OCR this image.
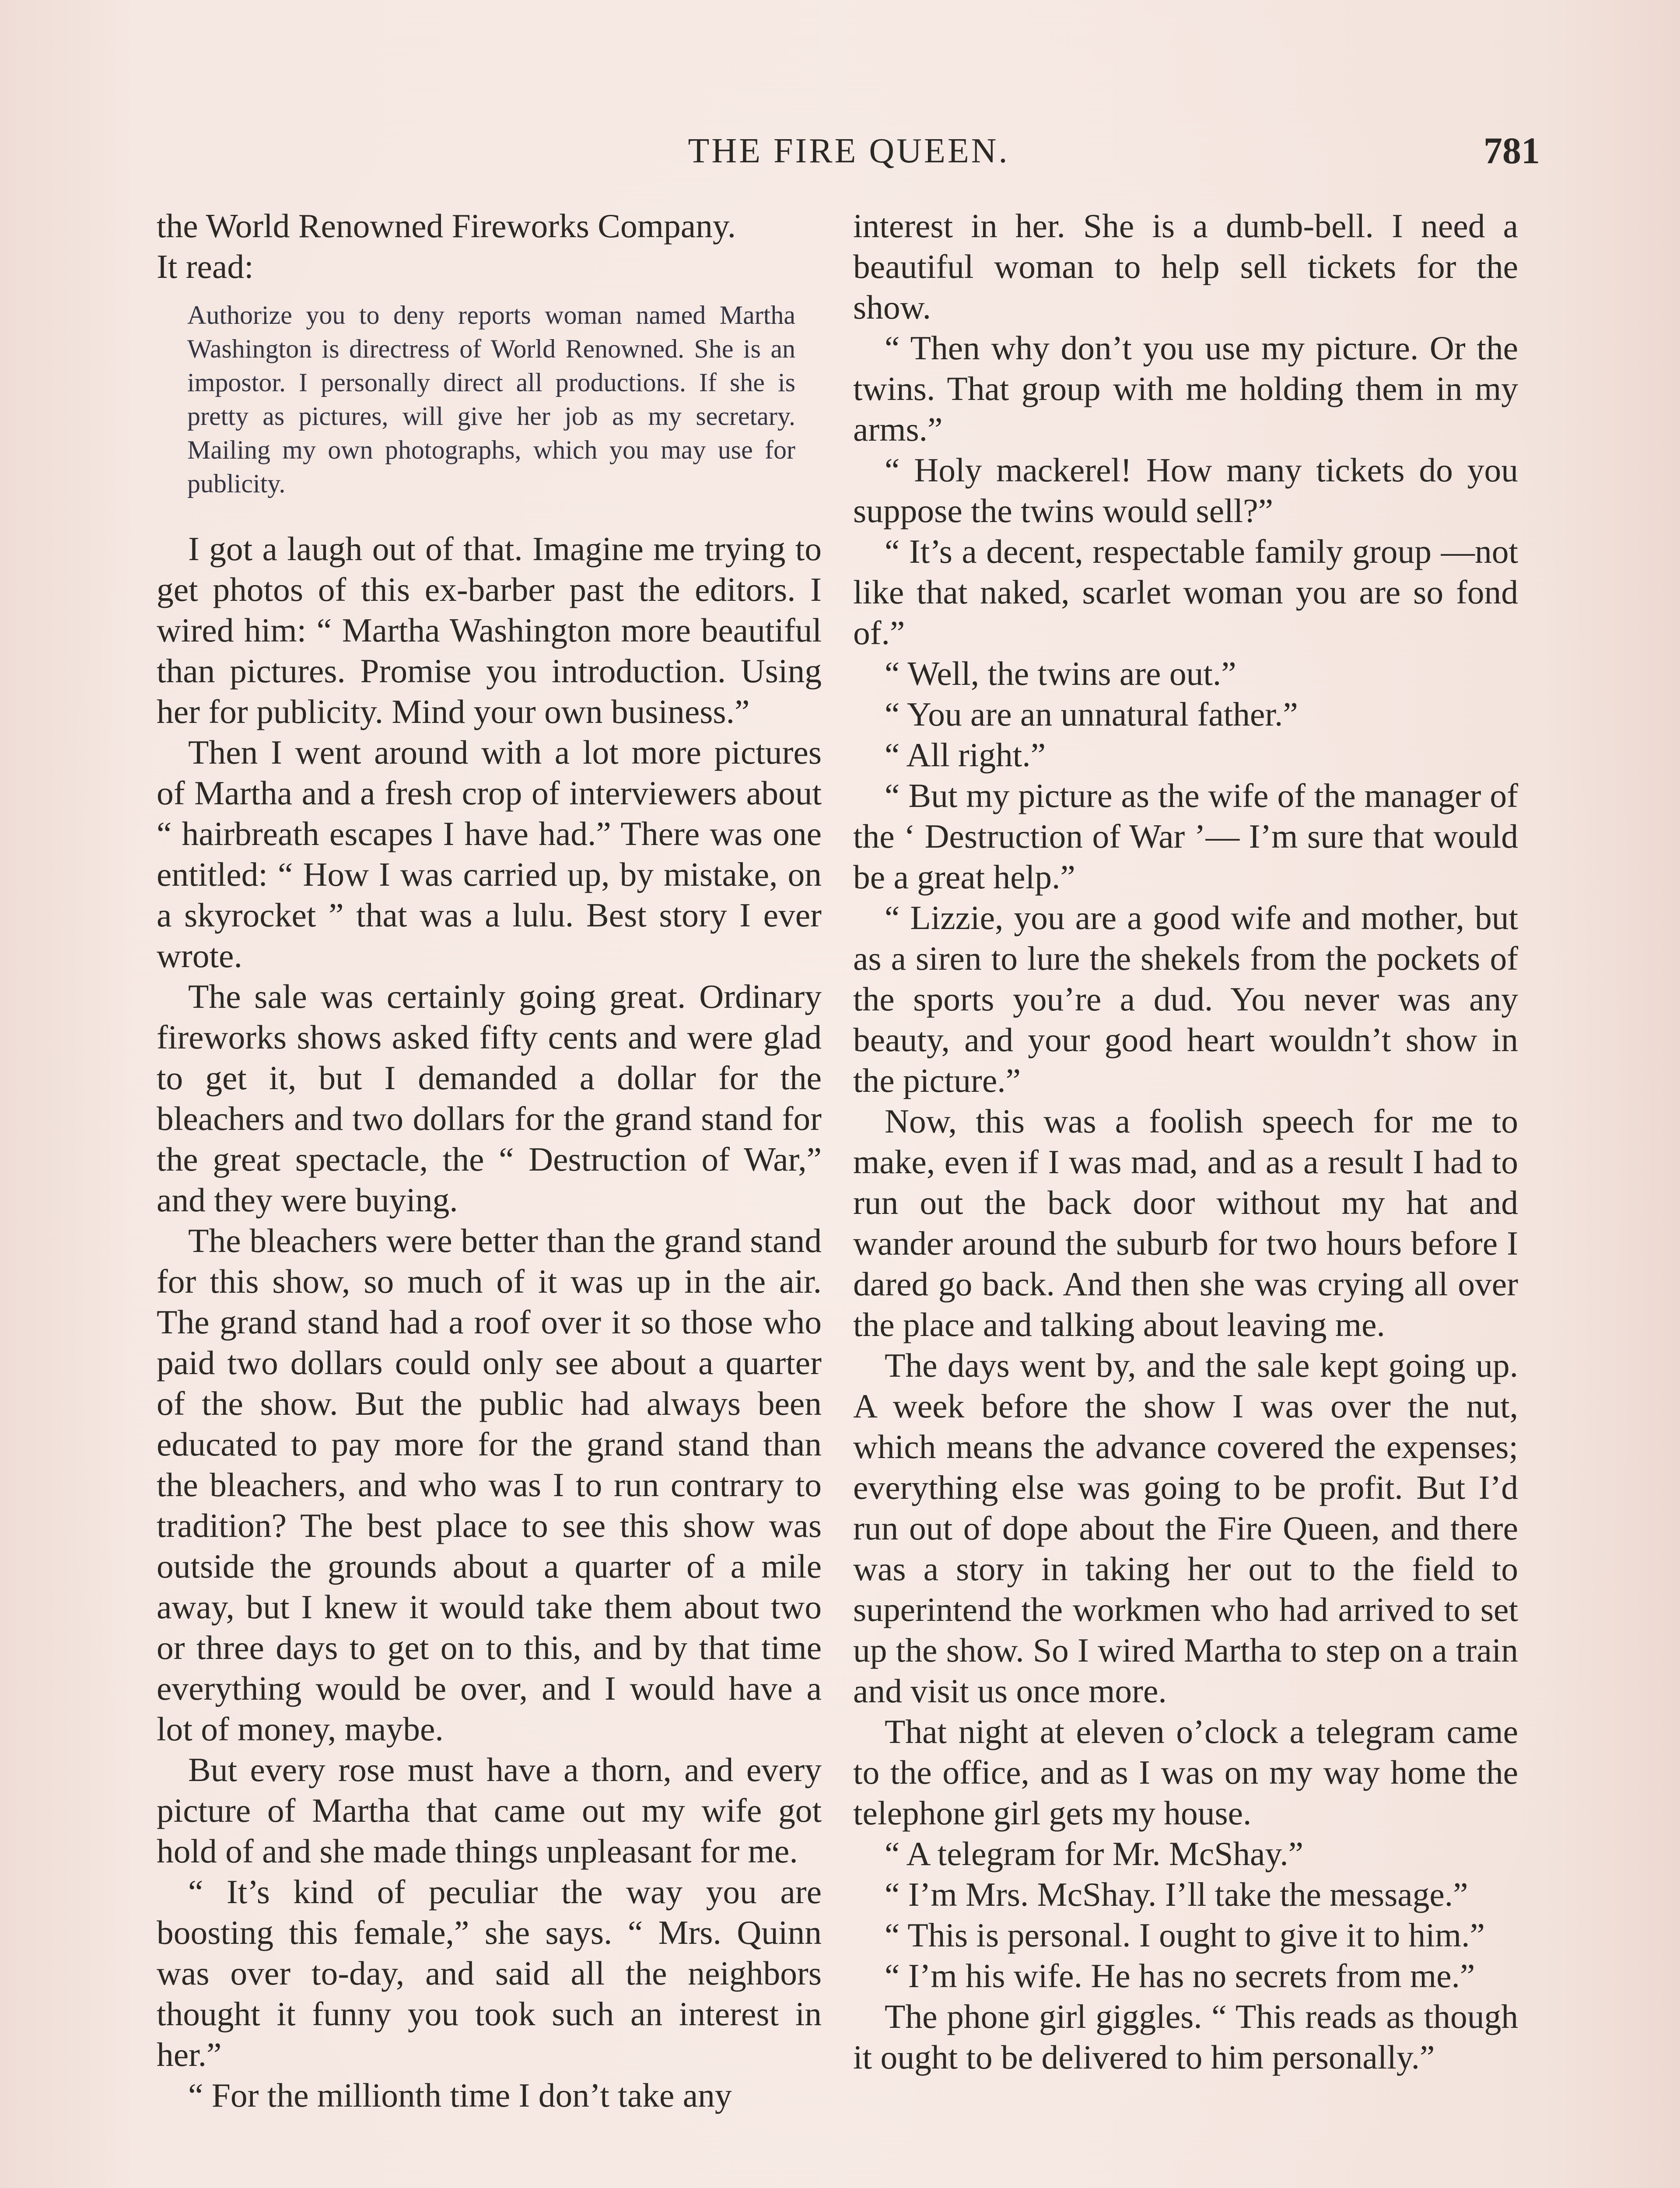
THE FIRE QUEEN.	781

the World Renowned Fireworks Company.

It read:

Authorize you to deny reports woman named Martha Washington is directress of World Renowned. She is an impostor. I personally direct all productions. If she is pretty as pictures, will give her job as my secretary. Mailing my own photographs, which you may use for publicity.

I got a laugh out of that. Imagine me trying to get photos of this ex-barber past the editors. I wired him: “ Martha Washington more beautiful than pictures. Promise you introduction. Using her for publicity. Mind your own business.”

Then I went around with a lot more pictures of Martha and a fresh crop of interviewers about “ hairbreath escapes I have had.” There was one entitled: “ How I was carried up, by mistake, on a skyrocket ” that was a lulu. Best story I ever wrote.

The sale was certainly going great. Ordinary fireworks shows asked fifty cents and were glad to get it, but I demanded a dollar for the bleachers and two dollars for the grand stand for the great spectacle, the “ Destruction of War,” and they were buying.

The bleachers were better than the grand stand for this show, so much of it was up in the air. The grand stand had a roof over it so those who paid two dollars could only see about a quarter of the show. But the public had always been educated to pay more for the grand stand than the bleachers, and who was I to run contrary to tradition? The best place to see this show was outside the grounds about a quarter of a mile away, but I knew it would take them about two or three days to get on to this, and by that time everything would be over, and I would have a lot of money, maybe.

But every rose must have a thorn, and every picture of Martha that came out my wife got hold of and she made things unpleasant for me.

“ It’s kind of peculiar the way you are boosting this female,” she says. “ Mrs. Quinn was over to-day, and said all the neighbors thought it funny you took such an interest in her.”

“ For the millionth time I don’t take any

interest in her. She is a dumb-bell. I need a beautiful woman to help sell tickets for the show.

“ Then why don’t you use my picture. Or the twins. That group with me holding them in my arms.”

“ Holy mackerel! How many tickets do you suppose the twins would sell?”

“ It’s a decent, respectable family group —not like that naked, scarlet woman you are so fond of.”

“ Well, the twins are out.”

“ You are an unnatural father.”

“ All right.”

“ But my picture as the wife of the manager of the ‘ Destruction of War ’— I’m sure that would be a great help.”

“ Lizzie, you are a good wife and mother, but as a siren to lure the shekels from the pockets of the sports you’re a dud. You never was any beauty, and your good heart wouldn’t show in the picture.”

Now, this was a foolish speech for me to make, even if I was mad, and as a result I had to run out the back door without my hat and wander around the suburb for two hours before I dared go back. And then she was crying all over the place and talking about leaving me.

The days went by, and the sale kept going up. A week before the show I was over the nut, which means the advance covered the expenses; everything else was going to be profit. But I’d run out of dope about the Fire Queen, and there was a story in taking her out to the field to superintend the workmen who had arrived to set up the show. So I wired Martha to step on a train and visit us once more.

That night at eleven o’clock a telegram came to the office, and as I was on my way home the telephone girl gets my house.

“ A telegram for Mr. McShay.”

“ I’m Mrs. McShay. I’ll take the message.”

“ This is personal. I ought to give it to him.”

“ I’m his wife. He has no secrets from me.”

The phone girl giggles. “ This reads as though it ought to be delivered to him personally.”
